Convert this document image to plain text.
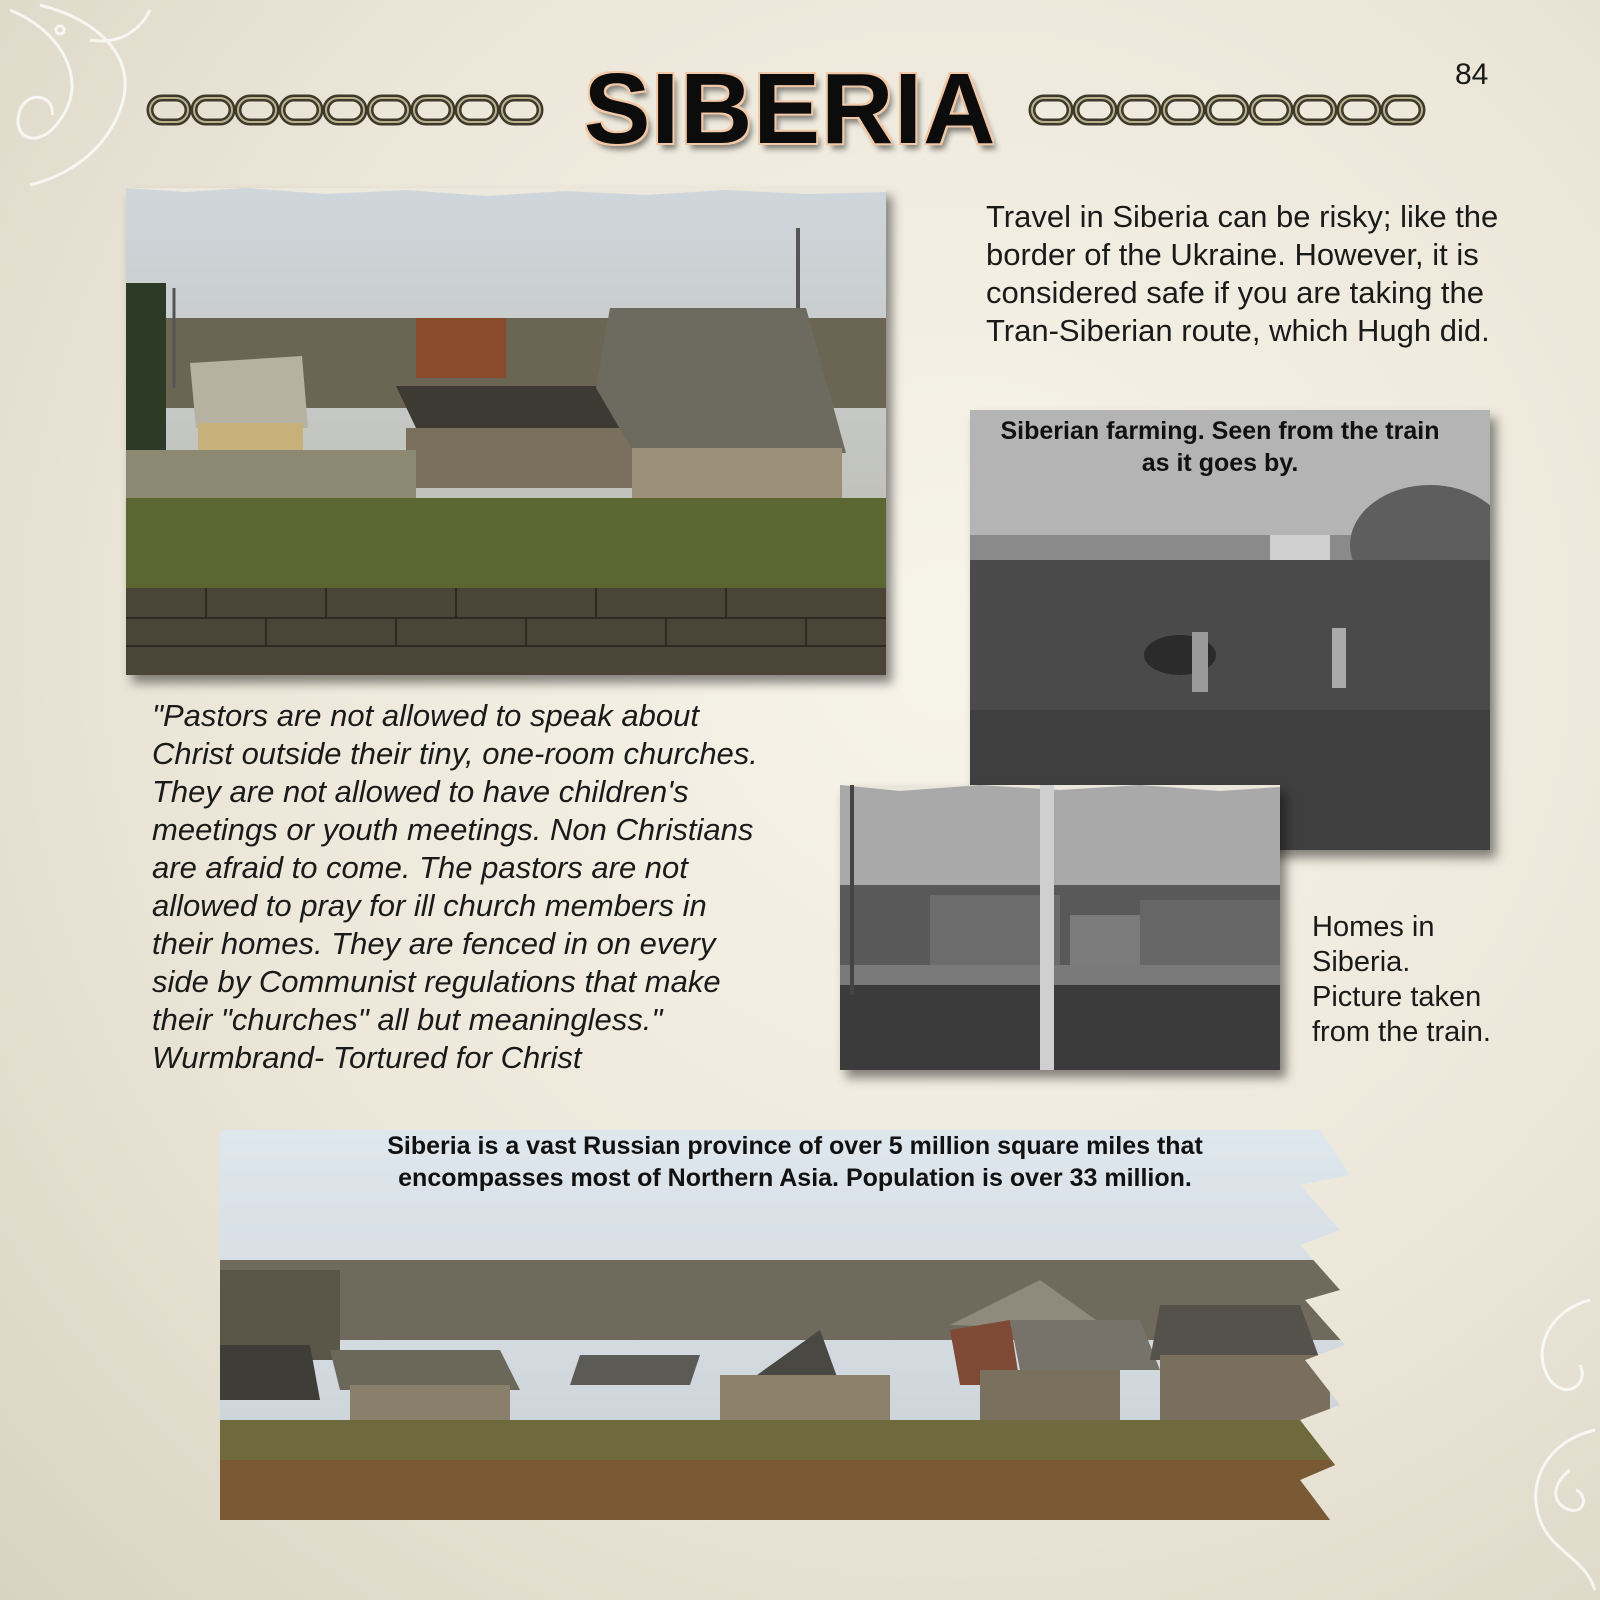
84
SIBERIA
Travel in Siberia can be risky; like the border of the Ukraine. However, it is considered safe if you are taking the Tran-Siberian route, which Hugh did.
Siberian farming. Seen from the train as it goes by.
"Pastors are not allowed to speak about
Christ outside their tiny, one-room churches.
They are not allowed to have children's
meetings or youth meetings. Non Christians
are afraid to come. The pastors are not
allowed to pray for ill church members in
their homes. They are fenced in on every
side by Communist regulations that make
their "churches" all but meaningless."
Wurmbrand- Tortured for Christ
Homes in
Siberia.
Picture taken
from the train.
Siberia is a vast Russian province of over 5 million square miles that
encompasses most of Northern Asia. Population is over 33 million.
